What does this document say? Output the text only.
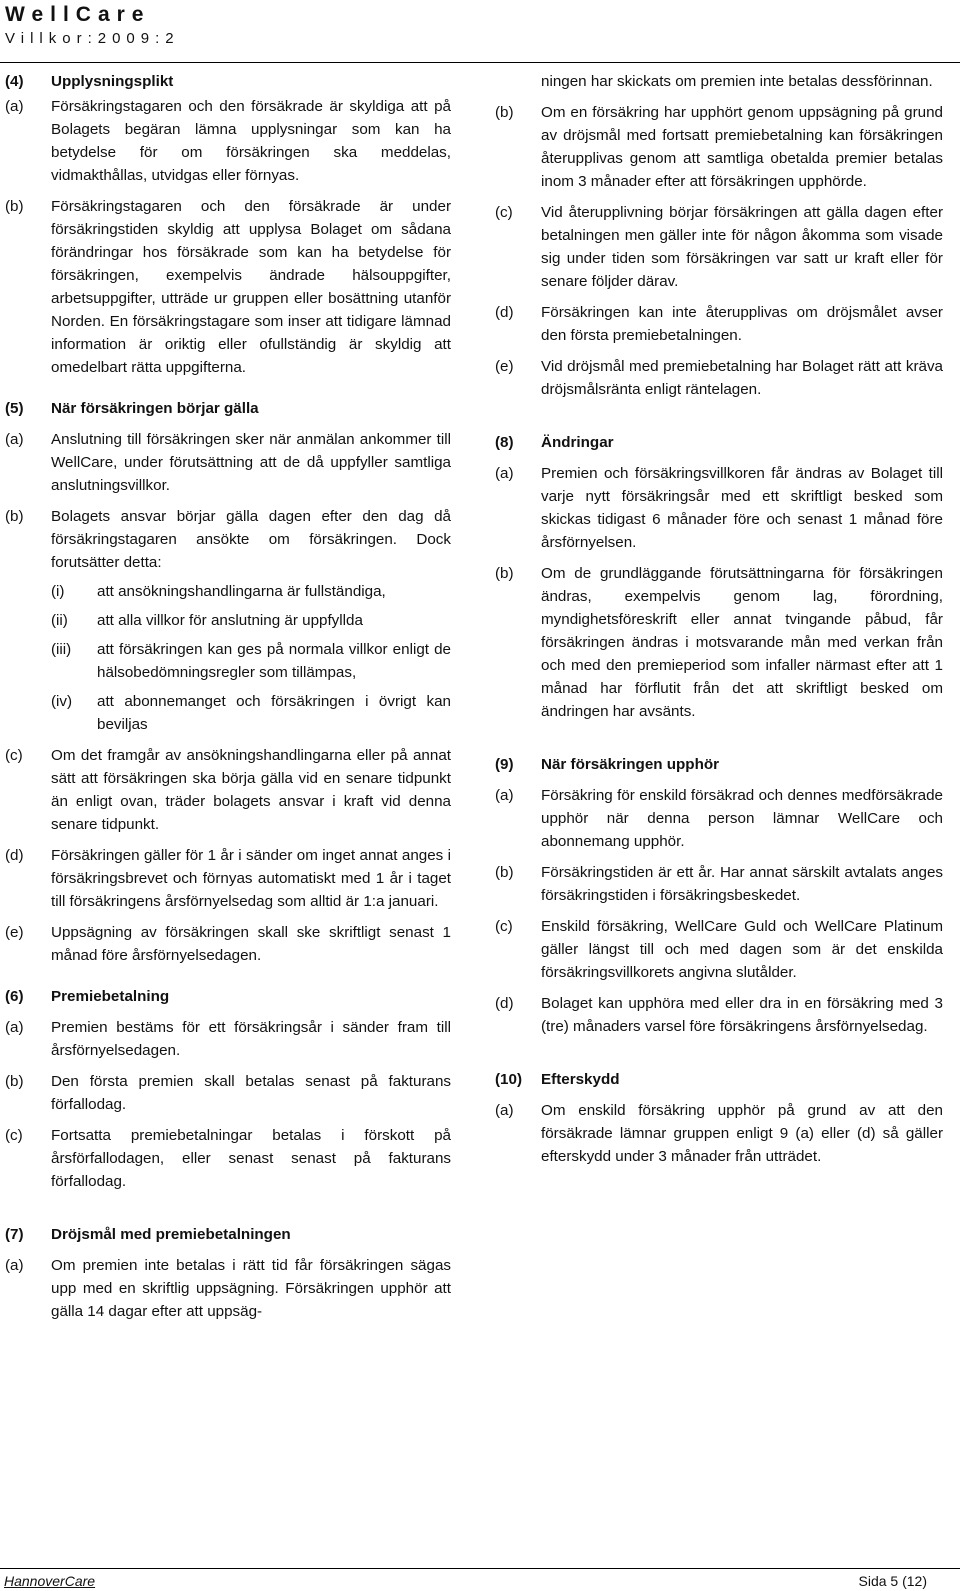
WellCare
Villkor:2009:2
(4)	Upplysningsplikt
(a)	Försäkringstagaren och den försäkrade är skyldiga att på Bolagets begäran lämna upplysningar som kan ha betydelse för om försäkringen ska meddelas, vidmakthållas, utvidgas eller förnyas.
(b)	Försäkringstagaren och den försäkrade är under försäkringstiden skyldig att upplysa Bolaget om sådana förändringar hos försäkrade som kan ha betydelse för försäkringen, exempelvis ändrade hälsouppgifter, arbetsuppgifter, utträde ur gruppen eller bosättning utanför Norden. En försäkringstagare som inser att tidigare lämnad information är oriktig eller ofullständig är skyldig att omedelbart rätta uppgifterna.
(5)	När försäkringen börjar gälla
(a)	Anslutning till försäkringen sker när anmälan ankommer till WellCare, under förutsättning att de då uppfyller samtliga anslutningsvillkor.
(b)	Bolagets ansvar börjar gälla dagen efter den dag då försäkringstagaren ansökte om försäkringen. Dock forutsätter detta:
(i)	att ansökningshandlingarna är fullständiga,
(ii)	att alla villkor för anslutning är uppfyllda
(iii)	att försäkringen kan ges på normala villkor enligt de hälsobedömningsregler som tillämpas,
(iv)	att abonnemanget och försäkringen i övrigt kan beviljas
(c)	Om det framgår av ansökningshandlingarna eller på annat sätt att försäkringen ska börja gälla vid en senare tidpunkt än enligt ovan, träder bolagets ansvar i kraft vid denna senare tidpunkt.
(d)	Försäkringen gäller för 1 år i sänder om inget annat anges i försäkringsbrevet och förnyas automatiskt med 1 år i taget till försäkringens årsförnyelsedag som alltid är 1:a januari.
(e)	Uppsägning av försäkringen skall ske skriftligt senast 1 månad före årsförnyelsedagen.
(6)	Premiebetalning
(a)	Premien bestäms för ett försäkringsår i sänder fram till årsförnyelsedagen.
(b)	Den första premien skall betalas senast på fakturans förfallodag.
(c)	Fortsatta premiebetalningar betalas i förskott på årsförfallodagen, eller senast senast på fakturans förfallodag.
(7)	Dröjsmål med premiebetalningen
(a)	Om premien inte betalas i rätt tid får försäkringen sägas upp med en skriftlig uppsägning. Försäkringen upphör att gälla 14 dagar efter att uppsäg-
ningen har skickats om premien inte betalas dessförinnan.
(b)	Om en försäkring har upphört genom uppsägning på grund av dröjsmål med fortsatt premiebetalning kan försäkringen återupplivas genom att samtliga obetalda premier betalas inom 3 månader efter att försäkringen upphörde.
(c)	Vid återupplivning börjar försäkringen att gälla dagen efter betalningen men gäller inte för någon åkomma som visade sig under tiden som försäkringen var satt ur kraft eller för senare följder därav.
(d)	Försäkringen kan inte återupplivas om dröjsmålet avser den första premiebetalningen.
(e)	Vid dröjsmål med premiebetalning har Bolaget rätt att kräva dröjsmålsränta enligt räntelagen.
(8)	Ändringar
(a)	Premien och försäkringsvillkoren får ändras av Bolaget till varje nytt försäkringsår med ett skriftligt besked som skickas tidigast 6 månader före och senast 1 månad före årsförnyelsen.
(b)	Om de grundläggande förutsättningarna för försäkringen ändras, exempelvis genom lag, förordning, myndighetsföreskrift eller annat tvingande påbud, får försäkringen ändras i motsvarande mån med verkan från och med den premieperiod som infaller närmast efter att 1 månad har förflutit från det att skriftligt besked om ändringen har avsänts.
(9)	När försäkringen upphör
(a)	Försäkring för enskild försäkrad och dennes medförsäkrade upphör när denna person lämnar WellCare och abonnemang upphör.
(b)	Försäkringstiden är ett år. Har annat särskilt avtalats anges försäkringstiden i försäkringsbeskedet.
(c)	Enskild försäkring, WellCare Guld och WellCare Platinum gäller längst till och med dagen som är det enskilda försäkringsvillkorets angivna slutålder.
(d)	Bolaget kan upphöra med eller dra in en försäkring med 3 (tre) månaders varsel före försäkringens årsförnyelsedag.
(10)	Efterskydd
(a)	Om enskild försäkring upphör på grund av att den försäkrade lämnar gruppen enligt 9 (a) eller (d) så gäller efterskydd under 3 månader från utträdet.
HannoverCare	Sida 5 (12)
